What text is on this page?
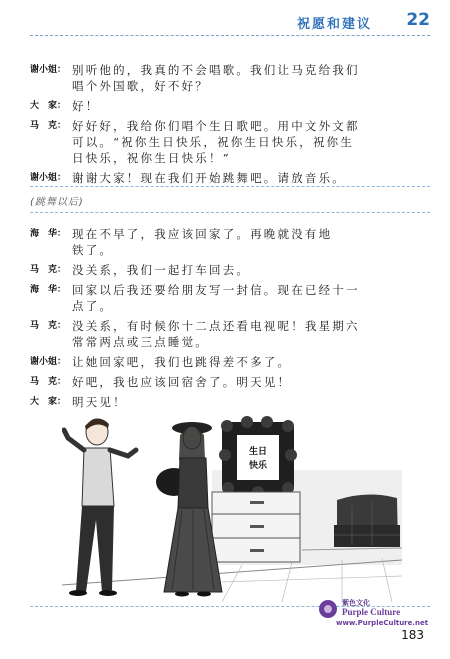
祝愿和建议 22
谢小姐： 别听他的，我真的不会唱歌。我们让马克给我们
唱个外国歌，好不好？
大　家： 好！
马　克： 好好好，我给你们唱个生日歌吧。用中文外文都
可以。“祝你生日快乐，祝你生日快乐，祝你生
日快乐，祝你生日快乐！”
谢小姐： 谢谢大家！现在我们开始跳舞吧。请放音乐。
(跳舞以后)
海　华： 现在不早了，我应该回家了。再晚就没有地
铁了。
马　克： 没关系，我们一起打车回去。
海　华： 回家以后我还要给朋友写一封信。现在已经十一
点了。
马　克： 没关系，有时候你十二点还看电视呢！我星期六
常常两点或三点睡觉。
谢小姐： 让她回家吧，我们也跳得差不多了。
马　克： 好吧，我也应该回宿舍了。明天见！
大　家： 明天见！
生日
快乐
紫色文化
Purple Culture
www.PurpleCulture.net
183
